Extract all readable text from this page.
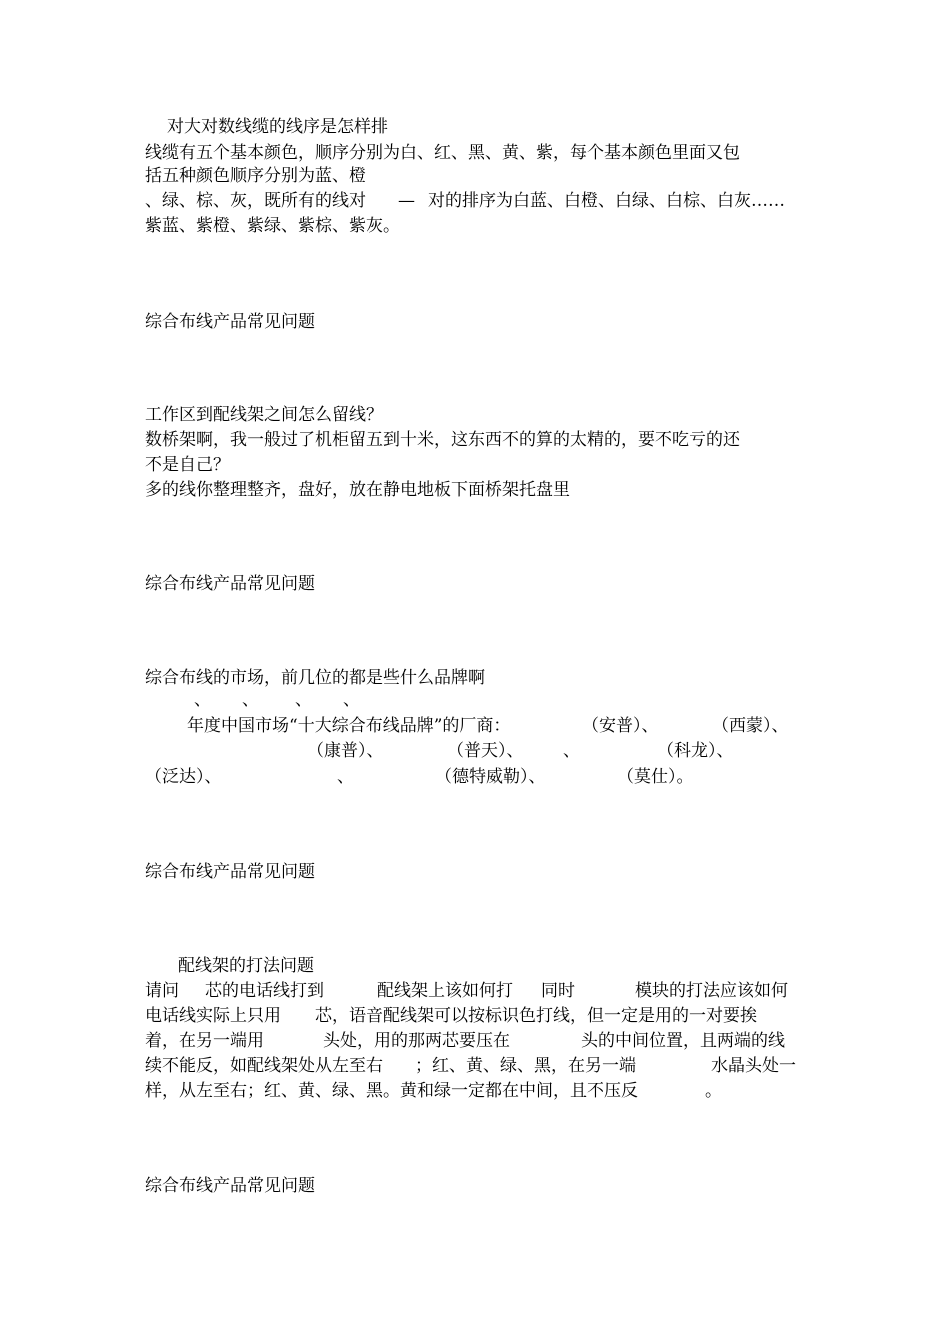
对大对数线缆的线序是怎样排
线缆有五个基本颜色，顺序分别为白、红、黑、黄、紫，每个基本颜色里面又包
括五种颜色顺序分别为蓝、橙
、绿、棕、灰，既所有的线对 — 对的排序为白蓝、白橙、白绿、白棕、白灰……
紫蓝、紫橙、紫绿、紫棕、紫灰。
综合布线产品常见问题
工作区到配线架之间怎么留线？
数桥架啊，我一般过了机柜留五到十米，这东西不的算的太精的，要不吃亏的还
不是自己？
多的线你整理整齐，盘好，放在静电地板下面桥架托盘里
综合布线产品常见问题
综合布线的市场，前几位的都是些什么品牌啊
、 、 、 、
年度中国市场“十大综合布线品牌”的厂商：	（安普）、	（西蒙）、
（康普）、	（普天）、 、	（科龙）、
（泛达）、	、	（德特威勒）、	（莫仕）。
综合布线产品常见问题
配线架的打法问题
请问 芯的电话线打到	配线架上该如何打 同时	模块的打法应该如何
电话线实际上只用 芯，语音配线架可以按标识色打线，但一定是用的一对要挨
着，在另一端用	头处，用的那两芯要压在	头的中间位置，且两端的线
续不能反，如配线架处从左至右 ；红、黄、绿、黑，在另一端	水晶头处一
样，从左至右；红、黄、绿、黑。黄和绿一定都在中间，且不压反	。
综合布线产品常见问题
